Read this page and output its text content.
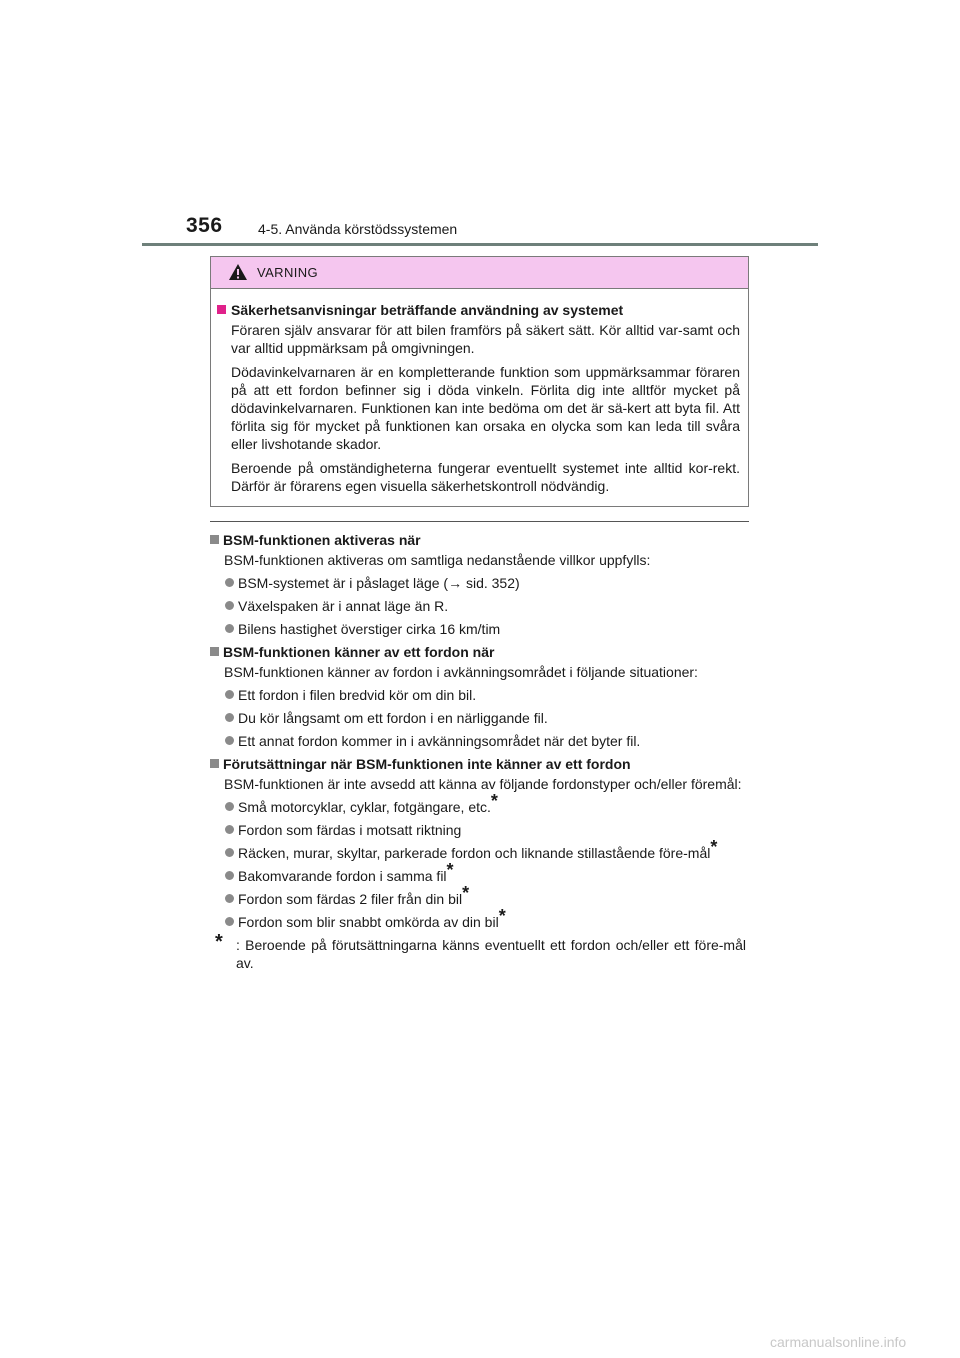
356	4-5. Använda körstödssystemen
VARNING
Säkerhetsanvisningar beträffande användning av systemet

Föraren själv ansvarar för att bilen framförs på säkert sätt. Kör alltid var-samt och var alltid uppmärksam på omgivningen.

Dödavinkelvarnaren är en kompletterande funktion som uppmärksammar föraren på att ett fordon befinner sig i döda vinkeln. Förlita dig inte alltför mycket på dödavinkelvarnaren. Funktionen kan inte bedöma om det är sä-kert att byta fil. Att förlita sig för mycket på funktionen kan orsaka en olycka som kan leda till svåra eller livshotande skador.

Beroende på omständigheterna fungerar eventuellt systemet inte alltid kor-rekt. Därför är förarens egen visuella säkerhetskontroll nödvändig.

BSM-funktionen aktiveras när

BSM-funktionen aktiveras om samtliga nedanstående villkor uppfylls:

BSM-systemet är i påslaget läge (→ sid. 352)
Växelspaken är i annat läge än R.
Bilens hastighet överstiger cirka 16 km/tim
BSM-funktionen känner av ett fordon när

BSM-funktionen känner av fordon i avkänningsområdet i följande situationer:

Ett fordon i filen bredvid kör om din bil.
Du kör långsamt om ett fordon i en närliggande fil.
Ett annat fordon kommer in i avkänningsområdet när det byter fil.
Förutsättningar när BSM-funktionen inte känner av ett fordon

BSM-funktionen är inte avsedd att känna av följande fordonstyper och/eller föremål:

Små motorcyklar, cyklar, fotgängare, etc.*
Fordon som färdas i motsatt riktning
Räcken, murar, skyltar, parkerade fordon och liknande stillastående före-mål*
Bakomvarande fordon i samma fil*
Fordon som färdas 2 filer från din bil*
Fordon som blir snabbt omkörda av din bil*
* : Beroende på förutsättningarna känns eventuellt ett fordon och/eller ett före-mål av.
carmanualsonline.info
